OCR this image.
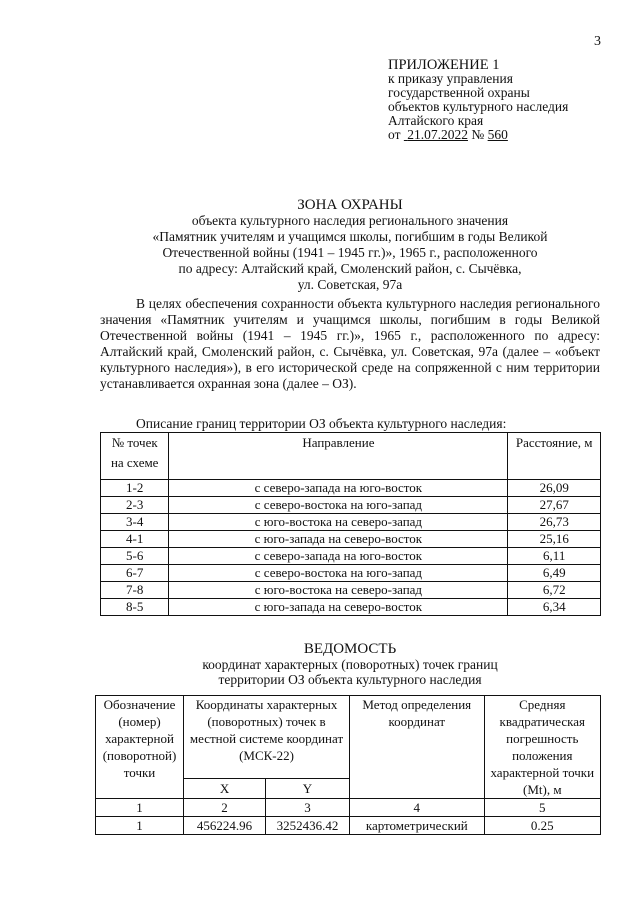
3
ПРИЛОЖЕНИЕ 1
к приказу управления
государственной охраны
объектов культурного наследия
Алтайского края
от 21.07.2022 № 560
ЗОНА ОХРАНЫ
объекта культурного наследия регионального значения
«Памятник учителям и учащимся школы, погибшим в годы Великой
Отечественной войны (1941 – 1945 гг.)», 1965 г., расположенного
по адресу: Алтайский край, Смоленский район, с. Сычёвка,
ул. Советская, 97а

В целях обеспечения сохранности объекта культурного наследия регионального значения «Памятник учителям и учащимся школы, погибшим в годы Великой Отечественной войны (1941 – 1945 гг.)», 1965 г., расположенного по адресу: Алтайский край, Смоленский район, с. Сычёвка, ул. Советская, 97а (далее – «объект культурного наследия»), в его исторической среде на сопряженной с ним территории устанавливается охранная зона (далее – ОЗ).

Описание границ территории ОЗ объекта культурного наследия:
№ точек на схеме	Направление	Расстояние, м
1-2	с северо-запада на юго-восток	26,09
2-3	с северо-востока на юго-запад	27,67
3-4	с юго-востока на северо-запад	26,73
4-1	с юго-запада на северо-восток	25,16
5-6	с северо-запада на юго-восток	6,11
6-7	с северо-востока на юго-запад	6,49
7-8	с юго-востока на северо-запад	6,72
8-5	с юго-запада на северо-восток	6,34
ВЕДОМОСТЬ
координат характерных (поворотных) точек границ
территории ОЗ объекта культурного наследия
Обозначение (номер) характерной (поворотной) точки	Координаты характерных (поворотных) точек в местной системе координат (МСК-22)		Метод определения координат	Средняя квадратическая погрешность положения характерной точки (Mt), м
	X	Y		
1	2	3	4	5
1	456224.96	3252436.42	картометрический	0.25
